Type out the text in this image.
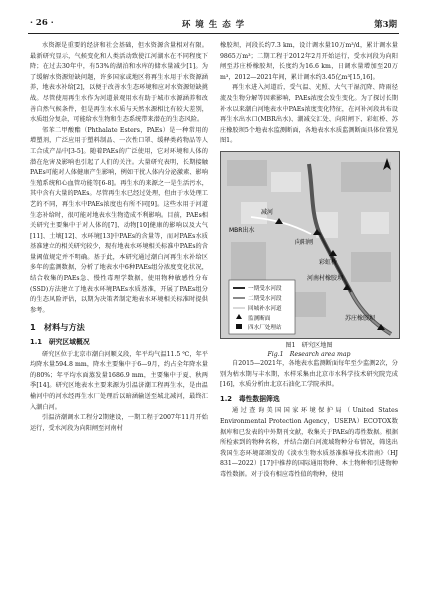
· 26 ·	环 境 生 态 学	第3期

水资源是重要的经济和社会基础，但水资源含量相对有限。最新研究显示，气候变化和人类活动致使江河湖水在不同程度下降；在过去30年中，有53%的湖泊和水库的储水量减少[1]。为了缓解水资源短缺问题，许多国家或地区将再生水用于水资源涵养，地表水补给[2]，以便于改善水生态环境和应对水资源短缺挑战。尽管使用再生水作为河道景观用水有助于城市水源涵养和改善自然气候条件，但是再生水水质与天然水源相比有较大差别，水质组分复杂，可能给水生物和生态系统带来潜在的生态风险。

邻苯二甲酸酯（Phthalate Esters，PAEs）是一种常用的增塑剂，广泛应用于塑料制品、一次性口罩、缓释类药物品等人工合成产品中[3-5]。随着PAEs的广泛使用，它对环境和人体的潜在危害及影响也引起了人们的关注。大量研究表明，长期接触PAEs可能对人体健康产生影响，例如干扰人体内分泌激素、影响生殖系统和心血管功能等[6-8]。再生水的来源之一是生活污水，其中含有大量的PAEs。尽管再生水已经过处理，但由于水处理工艺的不同，再生水中PAEs浓度也有所不同[9]。这些水用于河道生态补给时，很可能对地表水生物造成不利影响。目前，PAEs相关研究主要集中于对人体的[7]、动物[10]健康的影响以及大气[11]、土壤[12]、水环境[13]中PAEs的含量等，而对PAEs水质基准建立的相关研究较少，现有地表水环境相关标准中PAEs的含量阈值规定并不明确。基于此，本研究通过潮白河再生水补给区多年的监测数据，分析了地表水中6种PAEs组分浓度变化状况，结合收集的PAEs急、慢性毒理学数据，使用物种敏感性分布(SSD)方法建立了地表水环境PAEs水质基准，开展了PAEs组分的生态风险评估，以期为决策者制定地表水环境相关标准时提供参考。

1　材料与方法
1.1　研究区域概况

研究区位于北京市潮白河顺义段，年平均气温11.5 ℃，年平均降水量594.8 mm，降水主要集中于6—9月，约占全年降水量的80%；年平均水面蒸发量1686.9 mm，主要集中于夏、秋两季[14]。研究区地表水主要来源为引温济潮工程再生水，是由温榆河中的河水经再生水厂处理后以暗涵输送至城北减河，最终汇入潮白河。

引温济潮调水工程分2期建设，一期工程于2007年11月开始运行，受水河段为向阳闸至河南村

橡胶坝，河段长约7.3 km，设计调水量10万m³/d，累计调水量9865万m³；二期工程于2012年2月开始运行，受水河段为向阳闸至苏庄桥橡胶坝，长度约为16.6 km，日调水量增加至20万m³，2012—2021年间，累计调水约3.45亿m³[15,16]。

再生水进入河道后，受气温、光照、大气干湿沉降、降雨径流及生物分解等因素影响，PAEs浓度会发生变化。为了探讨长期补水以来潮白河地表水中PAEs浓度变化特征，在河补河段共布设再生水出水口(MBR出水)、潮减交汇处、向阳闸下、彩虹桥、苏庄橡胶坝5个地表水监测断面，各地表水水质监测断面具体位置见图1。

一期受水河段
二期受水河段
回城补水河道
监测断面
四水厂处理站
减河
向阳闸
彩虹桥
河南村橡胶坝
苏庄橡胶坝
MBR出水
图1　研究区地图
Fig.1　Research area map

自2015—2021年，各地表水监测断面每年至少监测2次，分别为枯水期与丰水期，水样采集由北京市水科学技术研究院完成[16]，水质分析由北京石油化工学院承担。

1.2　毒性数据筛选

通过查询美国国家环境保护局（United States Environmental Protection Agency，USEPA）ECOTOX数据库和已发表的中外期刊文献，收集关于PAEs的毒性数据。根据所检索到的物种名称，并结合潮白河流域物种分布情况，筛选出我国生态环境部颁发的《淡水生物水质基准推导技术指南》（HJ 831—2022）[17]中推荐的国际通用物种、本土物种和引进物种毒性数据。对于没有相应毒性值的物种，使用
